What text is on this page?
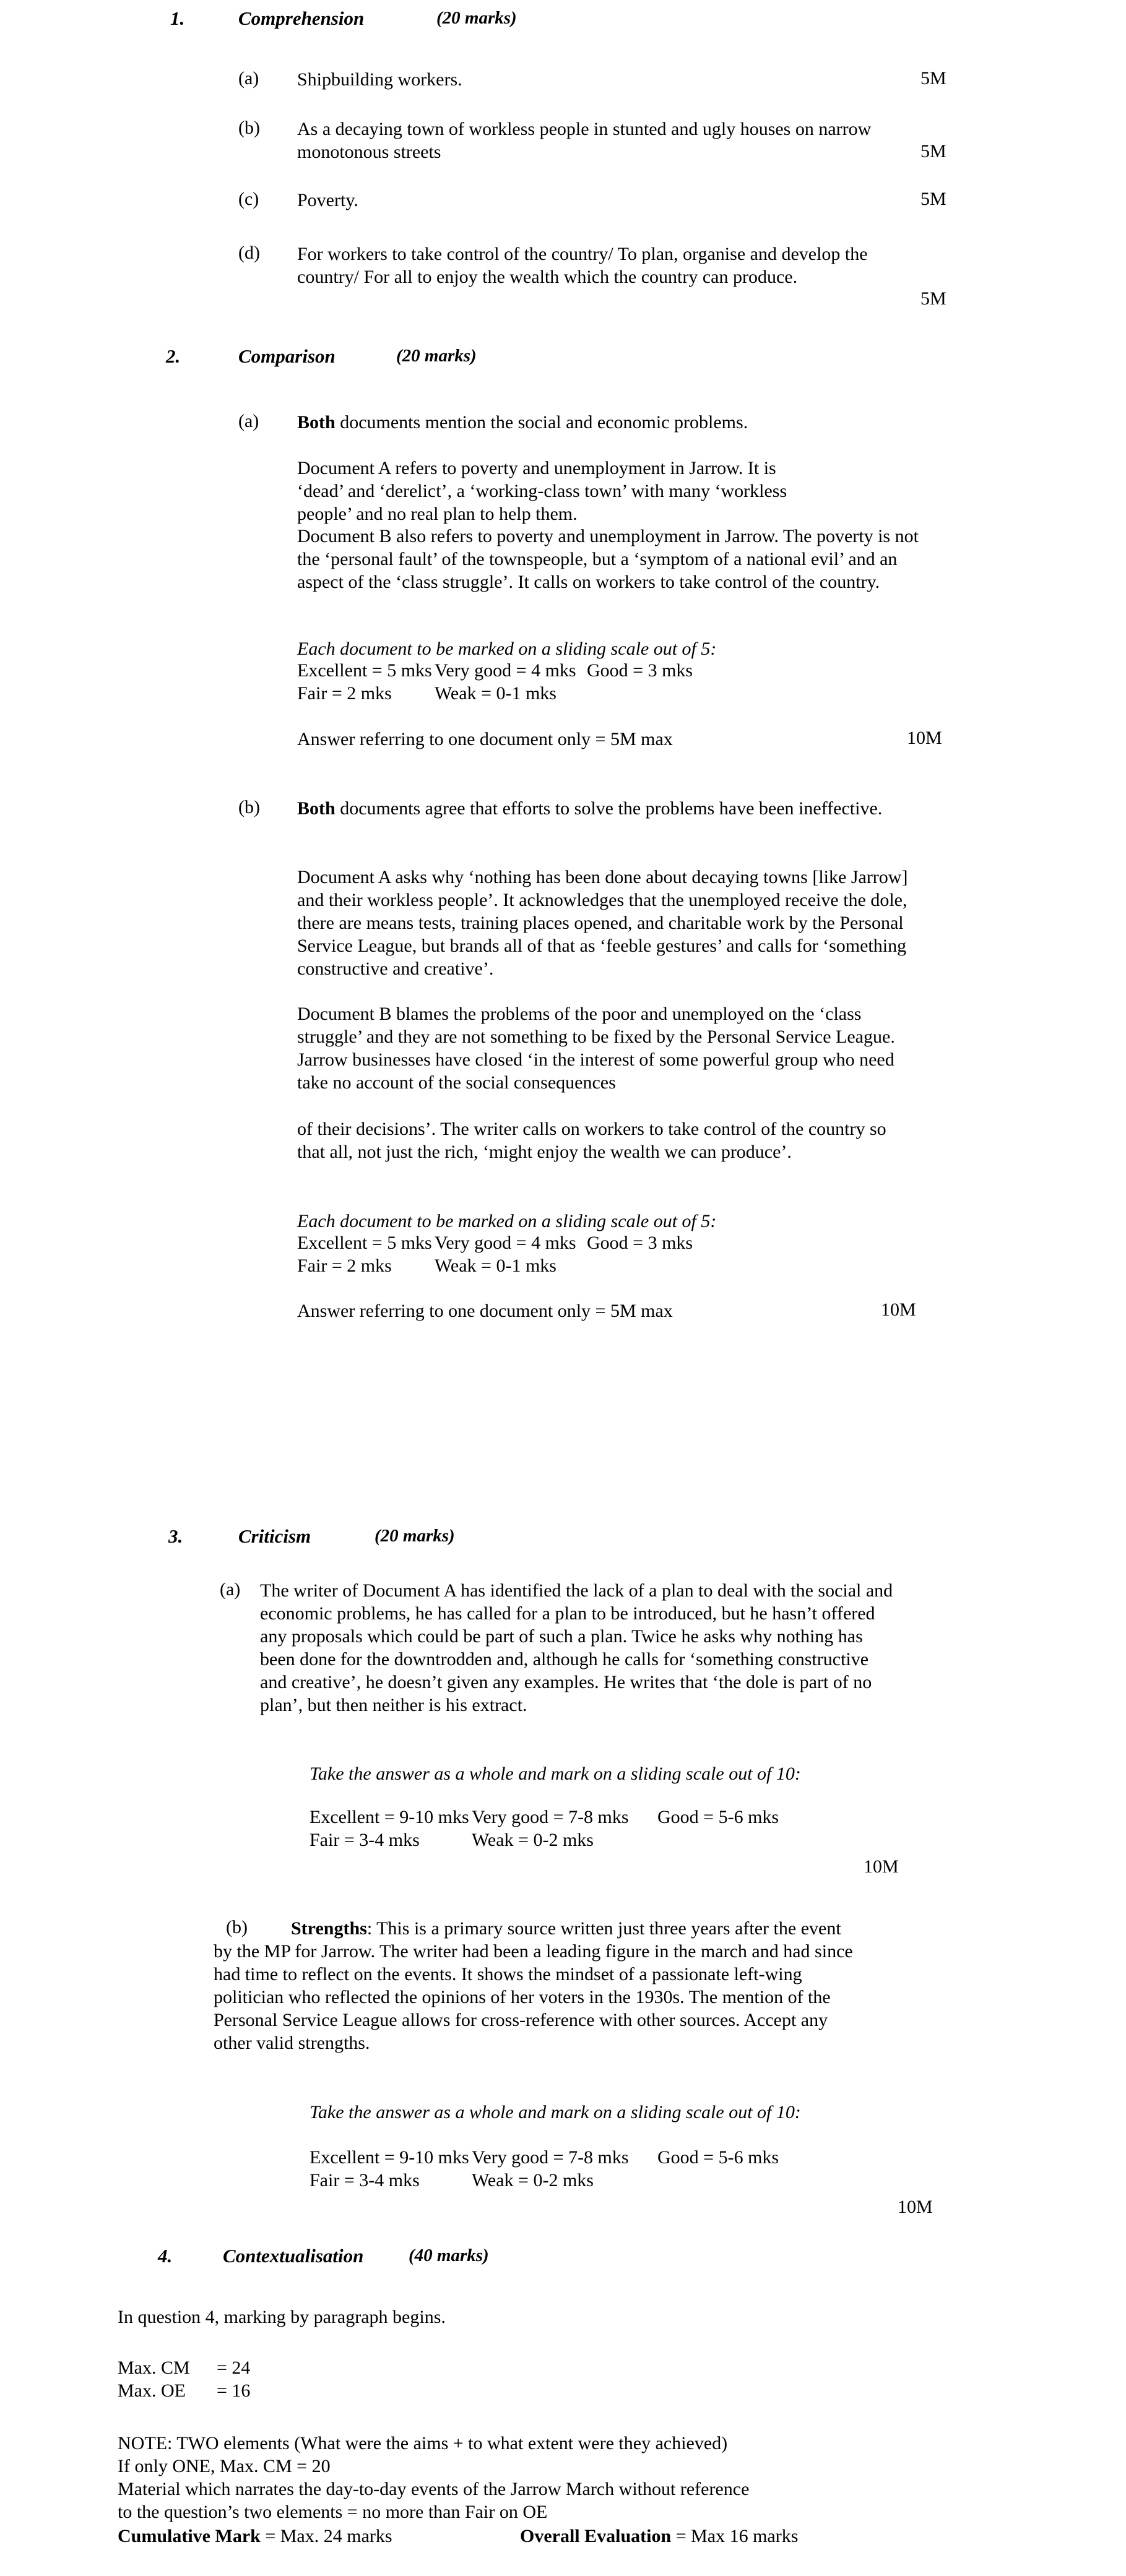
1.	Comprehension	(20 marks)
(a) Shipbuilding workers.	5M
(b) As a decaying town of workless people in stunted and ugly houses on narrow monotonous streets	5M
(c) Poverty.	5M
(d) For workers to take control of the country/ To plan, organise and develop the country/ For all to enjoy the wealth which the country can produce.
5M
2.	Comparison	(20 marks)
(a) Both documents mention the social and economic problems.
Document A refers to poverty and unemployment in Jarrow. It is ‘dead’ and ‘derelict’, a ‘working-class town’ with many ‘workless people’ and no real plan to help them.
Document B also refers to poverty and unemployment in Jarrow. The poverty is not the ‘personal fault’ of the townspeople, but a ‘symptom of a national evil’ and an aspect of the ‘class struggle’. It calls on workers to take control of the country.
Each document to be marked on a sliding scale out of 5:
Excellent = 5 mks Very good = 4 mks Good = 3 mks
Fair = 2 mks Weak = 0-1 mks
Answer referring to one document only = 5M max	10M
(b) Both documents agree that efforts to solve the problems have been ineffective.
Document A asks why ‘nothing has been done about decaying towns [like Jarrow] and their workless people’. It acknowledges that the unemployed receive the dole, there are means tests, training places opened, and charitable work by the Personal Service League, but brands all of that as ‘feeble gestures’ and calls for ‘something constructive and creative’.
Document B blames the problems of the poor and unemployed on the ‘class struggle’ and they are not something to be fixed by the Personal Service League. Jarrow businesses have closed ‘in the interest of some powerful group who need take no account of the social consequences
of their decisions’. The writer calls on workers to take control of the country so that all, not just the rich, ‘might enjoy the wealth we can produce’.
Each document to be marked on a sliding scale out of 5:
Excellent = 5 mks Very good = 4 mks Good = 3 mks
Fair = 2 mks Weak = 0-1 mks
Answer referring to one document only = 5M max	10M
3.	Criticism	(20 marks)
(a) The writer of Document A has identified the lack of a plan to deal with the social and economic problems, he has called for a plan to be introduced, but he hasn’t offered any proposals which could be part of such a plan. Twice he asks why nothing has been done for the downtrodden and, although he calls for ‘something constructive and creative’, he doesn’t given any examples. He writes that ‘the dole is part of no plan’, but then neither is his extract.
Take the answer as a whole and mark on a sliding scale out of 10:
Excellent = 9-10 mks Very good = 7-8 mks Good = 5-6 mks
Fair = 3-4 mks	Weak = 0-2 mks
10M
(b)	Strengths: This is a primary source written just three years after the event by the MP for Jarrow. The writer had been a leading figure in the march and had since had time to reflect on the events. It shows the mindset of a passionate left-wing politician who reflected the opinions of her voters in the 1930s. The mention of the Personal Service League allows for cross-reference with other sources. Accept any other valid strengths.
Take the answer as a whole and mark on a sliding scale out of 10:
Excellent = 9-10 mks Very good = 7-8 mks Good = 5-6 mks
Fair = 3-4 mks	Weak = 0-2 mks
10M
4.	Contextualisation	(40 marks)
In question 4, marking by paragraph begins.
Max. CM = 24
Max. OE = 16
NOTE: TWO elements (What were the aims + to what extent were they achieved)
If only ONE, Max. CM = 20
Material which narrates the day-to-day events of the Jarrow March without reference
to the question’s two elements = no more than Fair on OE
Cumulative Mark = Max. 24 marks	Overall Evaluation = Max 16 marks
